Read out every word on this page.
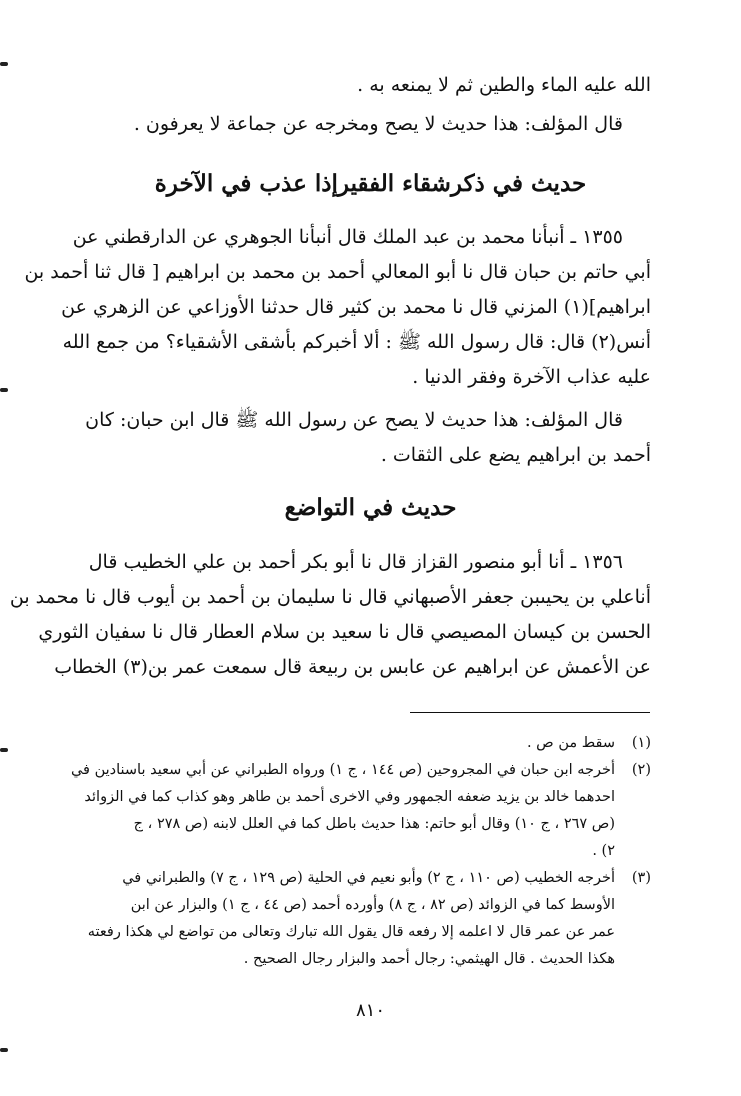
الله عليه الماء والطين ثم لا يمنعه به .
قال المؤلف: هذا حديث لا يصح ومخرجه عن جماعة لا يعرفون .
حديث في ذكرشقاء الفقيرإذا عذب في الآخرة
١٣٥٥ ـ أنبأنا محمد بن عبد الملك قال أنبأنا الجوهري عن الدارقطني عن
أبي حاتم بن حبان قال نا أبو المعالي أحمد بن محمد بن ابراهيم [ قال ثنا أحمد بن
ابراهيم](١) المزني قال نا محمد بن كثير قال حدثنا الأوزاعي عن الزهري عن
أنس(٢) قال: قال رسول الله ﷺ : ألا أخبركم بأشقى الأشقياء؟ من جمع الله
عليه عذاب الآخرة وفقر الدنيا .
قال المؤلف: هذا حديث لا يصح عن رسول الله ﷺ قال ابن حبان: كان
أحمد بن ابراهيم يضع على الثقات .
حديث في التواضع
١٣٥٦ ـ أنا أبو منصور القزاز قال نا أبو بكر أحمد بن علي الخطيب قال
أناعلي بن يحيىبن جعفر الأصبهاني قال نا سليمان بن أحمد بن أيوب قال نا محمد بن
الحسن بن كيسان المصيصي قال نا سعيد بن سلام العطار قال نا سفيان الثوري
عن الأعمش عن ابراهيم عن عابس بن ربيعة قال سمعت عمر بن(٣) الخطاب
(١)سقط من ص .
(٢)أخرجه ابن حبان في المجروحين (ص ١٤٤ ، ج ١) ورواه الطبراني عن أبي سعيد باسنادين في
احدهما خالد بن يزيد ضعفه الجمهور وفي الاخرى أحمد بن طاهر وهو كذاب كما في الزوائد
(ص ٢٦٧ ، ج ١٠) وقال أبو حاتم: هذا حديث باطل كما في العلل لابنه (ص ٢٧٨ ، ج
٢) .
(٣)أخرجه الخطيب (ص ١١٠ ، ج ٢) وأبو نعيم في الحلية (ص ١٢٩ ، ج ٧) والطبراني في
الأوسط كما في الزوائد (ص ٨٢ ، ج ٨) وأورده أحمد (ص ٤٤ ، ج ١) والبزار عن ابن
عمر عن عمر قال لا اعلمه إلا رفعه قال يقول الله تبارك وتعالى من تواضع لي هكذا رفعته
هكذا الحديث . قال الهيثمي: رجال أحمد والبزار رجال الصحيح .
٨١٠
